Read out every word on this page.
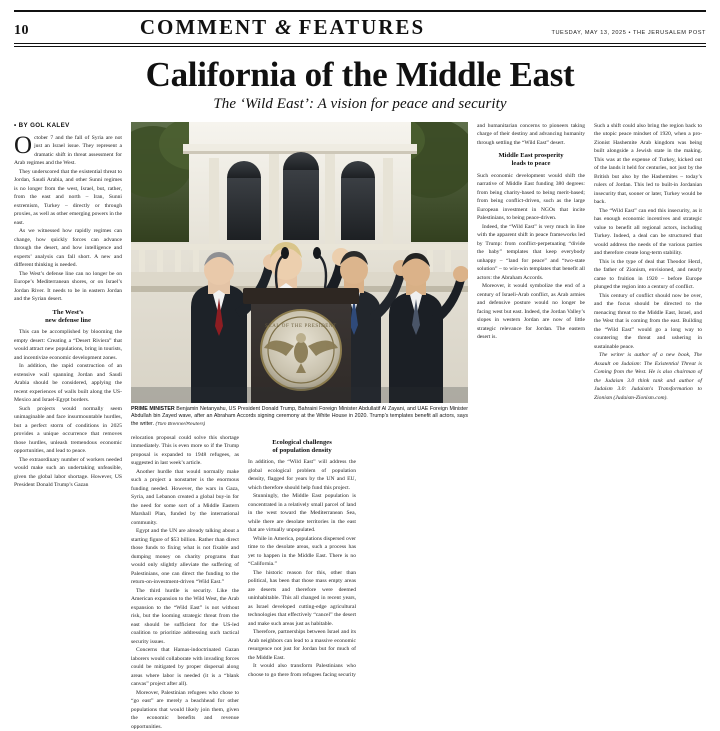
10	COMMENT & FEATURES	TUESDAY, MAY 13, 2025 • THE JERUSALEM POST
California of the Middle East
The ‘Wild East’: A vision for peace and security
• BY GOL KALEV

October 7 and the fall of Syria are not just an Israel issue. They represent a dramatic shift in threat assessment for Arab regimes and the West.

They underscored that the existential threat to Jordan, Saudi Arabia, and other Sunni regimes is no longer from the west, Israel, but, rather, from the east and north – Iran, Sunni extremism, Turkey – directly or through proxies, as well as other emerging powers in the east.

As we witnessed how rapidly regimes can change, how quickly forces can advance through the desert, and how intelligence and experts’ analysis can fall short. A new and different thinking is needed.

The West’s defense line can no longer be on Europe’s Mediterranean shores, or on Israel’s Jordan River. It needs to be in eastern Jordan and the Syrian desert.

The West’s
new defense line

This can be accomplished by blooming the empty desert: Creating a “Desert Riviera” that would attract new populations, bring in tourists, and incentivize economic development zones.

In addition, the rapid construction of an extensive wall spanning Jordan and Saudi Arabia should be considered, applying the recent experiences of walls built along the US-Mexico and Israel-Egypt borders.

Such projects would normally seem unimaginable and face insurmountable hurdles, but a perfect storm of conditions in 2025 provides a unique occurrence that removes those hurdles, unleash tremendous economic opportunities, and lead to peace.

The extraordinary number of workers needed would make such an undertaking unfeasible, given the global labor shortage. However, US President Donald Trump’s Gazan

SEAL OF THE PRESIDENT
PRIME MINISTER Benjamin Netanyahu, US President Donald Trump, Bahraini Foreign Minister Abdullatif Al Zayani, and UAE Foreign Minister Abdullah bin Zayed wave, after an Abraham Accords signing ceremony at the White House in 2020. Trump’s templates benefit all actors, says the writer. (Tom Brenner/Reuters)

relocation proposal could solve this shortage immediately. This is even more so if the Trump proposal is expanded to 1948 refugees, as suggested in last week’s article.

Another hurdle that would normally make such a project a nonstarter is the enormous funding needed. However, the wars in Gaza, Syria, and Lebanon created a global buy-in for the need for some sort of a Middle Eastern Marshall Plan, funded by the international community.

Egypt and the UN are already talking about a starting figure of $53 billion. Rather than direct those funds to fixing what is not fixable and dumping money on charity programs that would only slightly alleviate the suffering of Palestinians, one can direct the funding to the return-on-investment-driven “Wild East.”

The third hurdle is security. Like the American expansion to the Wild West, the Arab expansion to the “Wild East” is not without risk, but the looming strategic threat from the east should be sufficient for the US-led coalition to prioritize addressing such tactical security issues.

Concerns that Hamas-indoctrinated Gazan laborers would collaborate with invading forces could be mitigated by proper dispersal along areas where labor is needed (it is a “blank canvas” project after all).

Moreover, Palestinian refugees who chose to “go east” are merely a beachhead for other populations that would likely join them, given the economic benefits and revenue opportunities.

Ecological challenges
of population density

In addition, the “Wild East” will address the global ecological problem of population density, flagged for years by the UN and EU, which therefore should help fund this project.

Stunningly, the Middle East population is concentrated in a relatively small parcel of land in the west toward the Mediterranean Sea, while there are desolate territories in the east that are virtually unpopulated.

While in America, populations dispersed over time to the desolate areas, such a process has yet to happen in the Middle East. There is no “California.”

The historic reason for this, other than political, has been that those mass empty areas are deserts and therefore were deemed uninhabitable. This all changed in recent years, as Israel developed cutting-edge agricultural technologies that effectively “cancel” the desert and make such areas just as habitable.

Therefore, partnerships between Israel and its Arab neighbors can lead to a massive economic resurgence not just for Jordan but for much of the Middle East.

It would also transform Palestinians who choose to go there from refugees facing security

and humanitarian concerns to pioneers taking charge of their destiny and advancing humanity through settling the “Wild East” desert.

Middle East prosperity
leads to peace

Such economic development would shift the narrative of Middle East funding 380 degrees: from being charity-based to being merit-based; from being conflict-driven, such as the large European investment in NGOs that incite Palestinians, to being peace-driven.

Indeed, the “Wild East” is very much in line with the apparent shift in peace frameworks led by Trump: from conflict-perpetuating “divide the baby” templates that keep everybody unhappy – “land for peace” and “two-state solution” – to win-win templates that benefit all actors: the Abraham Accords.

Moreover, it would symbolize the end of a century of Israeli-Arab conflict, as Arab armies and defensive posture would no longer be facing west but east. Indeed, the Jordan Valley’s slopes in western Jordan are now of little strategic relevance for Jordan. The eastern desert is.

Such a shift could also bring the region back to the utopic peace mindset of 1920, when a pro-Zionist Hashemite Arab kingdom was being built alongside a Jewish state in the making. This was at the expense of Turkey, kicked out of the lands it held for centuries, not just by the British but also by the Hashemites – today’s rulers of Jordan. This led to built-in Jordanian insecurity that, sooner or later, Turkey would be back.

The “Wild East” can end this insecurity, as it has enough economic incentives and strategic value to benefit all regional actors, including Turkey. Indeed, a deal can be structured that would address the needs of the various parties and therefore create long-term stability.

This is the type of deal that Theodor Herzl, the father of Zionism, envisioned, and nearly came to fruition in 1920 – before Europe plunged the region into a century of conflict.

This century of conflict should now be over, and the focus should be directed to the menacing threat to the Middle East, Israel, and the West that is coming from the east. Building the “Wild East” would go a long way to countering the threat and ushering in sustainable peace.

The writer is author of a new book, The Assault on Judaism: The Existential Threat is Coming from the West. He is also chairman of the Judaism 3.0 think tank and author of Judaism 3.0: Judaism's Transformation to Zionism (Judaism-Zionism.com).
